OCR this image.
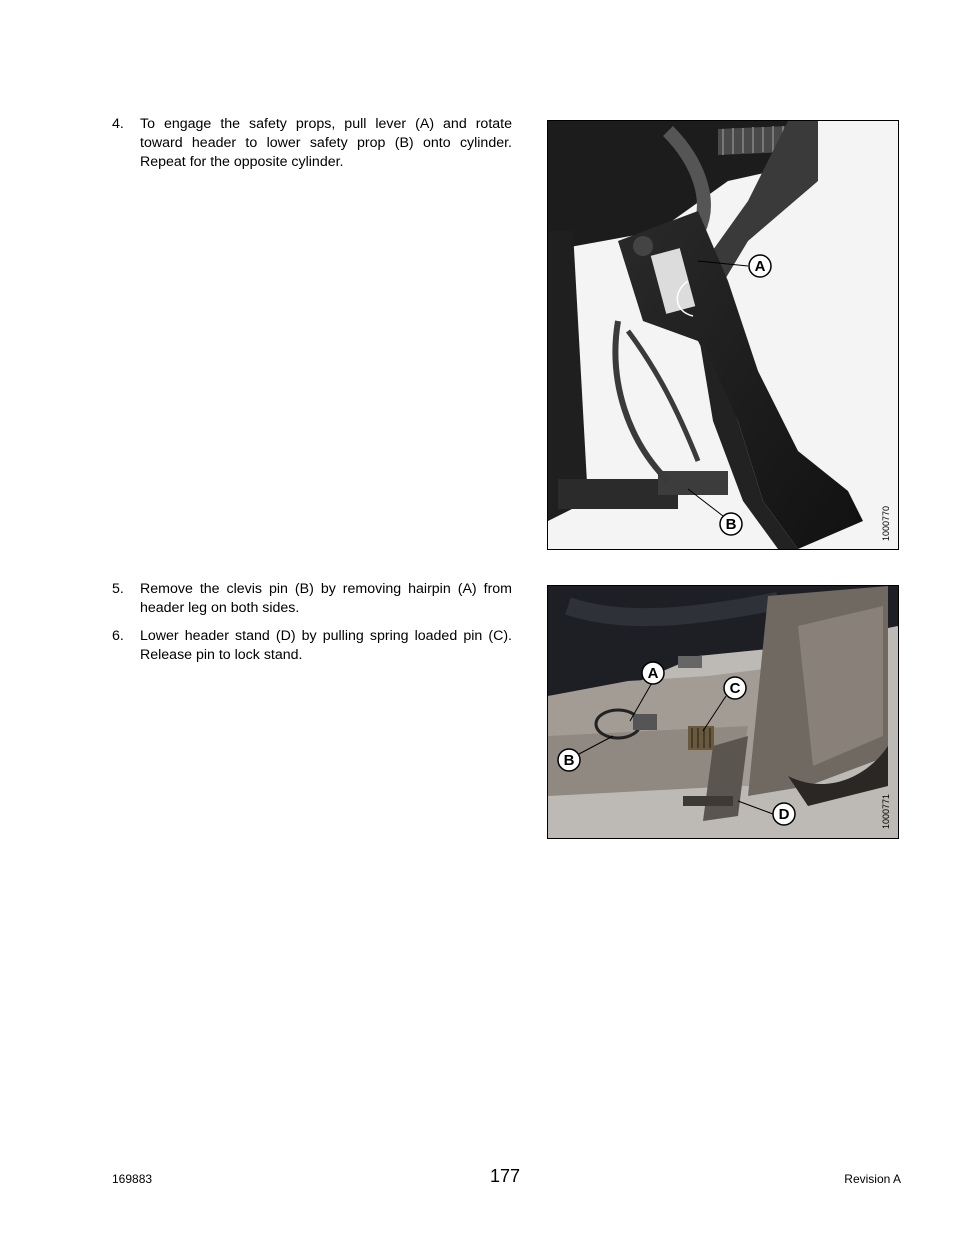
4. To engage the safety props, pull lever (A) and rotate toward header to lower safety prop (B) onto cylinder. Repeat for the opposite cylinder.
A
B	1000770
5. Remove the clevis pin (B) by removing hairpin (A) from header leg on both sides.
6. Lower header stand (D) by pulling spring loaded pin (C). Release pin to lock stand.
A
B
C
D	1000771
169883	177	Revision A
